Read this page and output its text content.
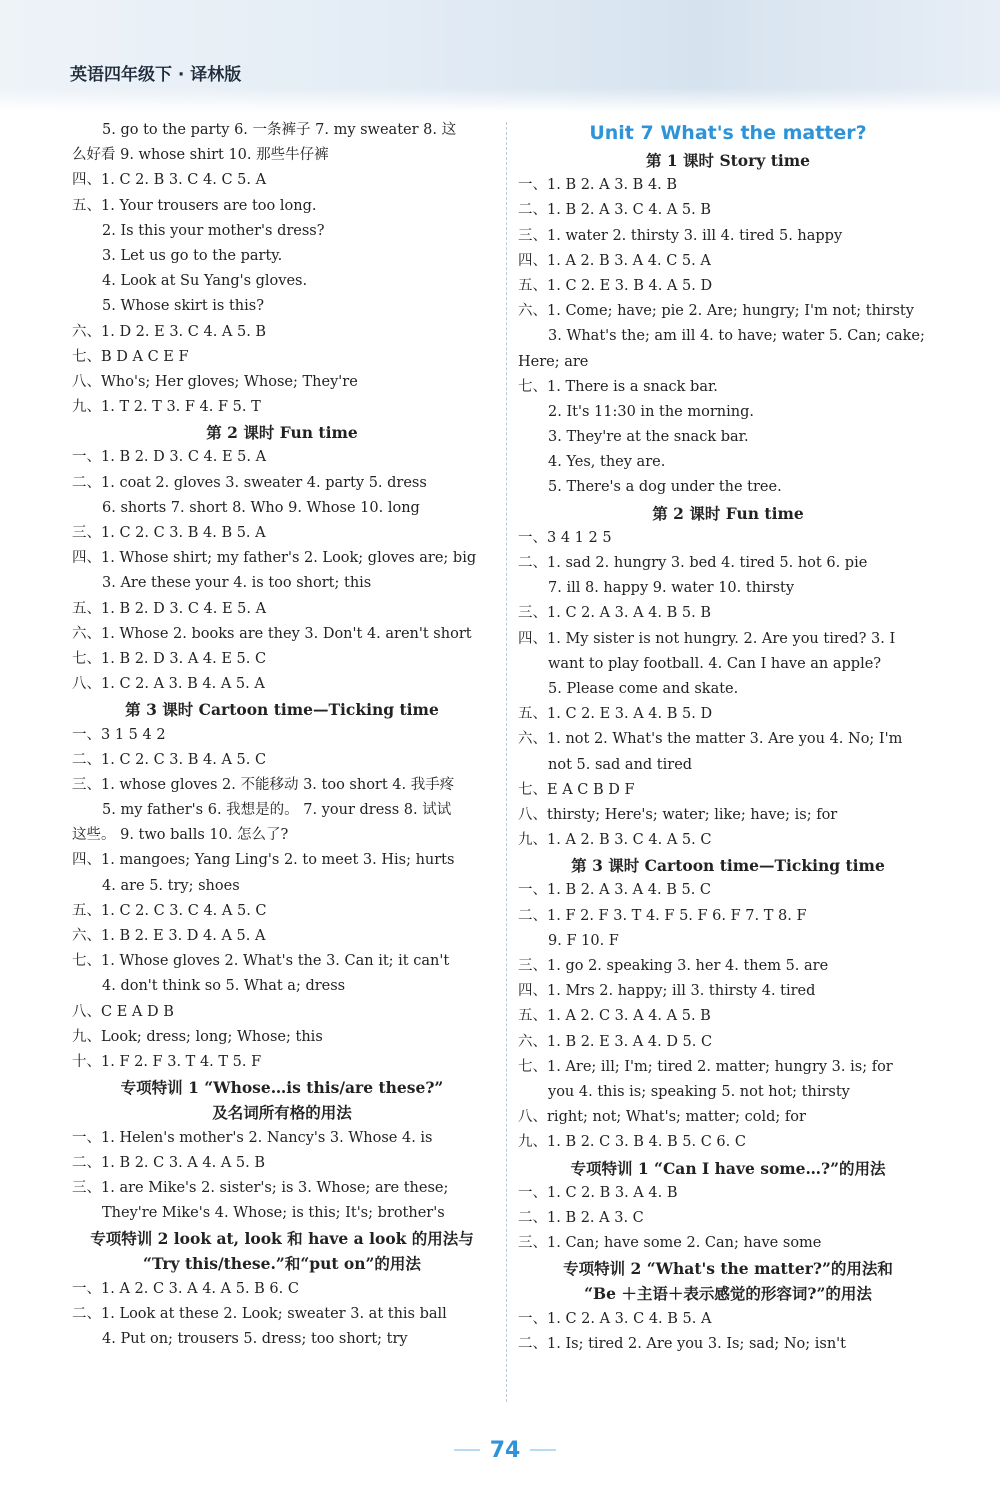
英语四年级下 · 译林版
5. go to the party 6. 一条裤子 7. my sweater 8. 这
么好看 9. whose shirt 10. 那些牛仔裤
四、1. C 2. B 3. C 4. C 5. A
五、1. Your trousers are too long.
2. Is this your mother's dress?
3. Let us go to the party.
4. Look at Su Yang's gloves.
5. Whose skirt is this?
六、1. D 2. E 3. C 4. A 5. B
七、B D A C E F
八、Who's; Her gloves; Whose; They're
九、1. T 2. T 3. F 4. F 5. T
第 2 课时 Fun time
一、1. B 2. D 3. C 4. E 5. A
二、1. coat 2. gloves 3. sweater 4. party 5. dress
6. shorts 7. short 8. Who 9. Whose 10. long
三、1. C 2. C 3. B 4. B 5. A
四、1. Whose shirt; my father's 2. Look; gloves are; big
3. Are these your 4. is too short; this
五、1. B 2. D 3. C 4. E 5. A
六、1. Whose 2. books are they 3. Don't 4. aren't short
七、1. B 2. D 3. A 4. E 5. C
八、1. C 2. A 3. B 4. A 5. A
第 3 课时 Cartoon time—Ticking time
一、3 1 5 4 2
二、1. C 2. C 3. B 4. A 5. C
三、1. whose gloves 2. 不能移动 3. too short 4. 我手疼
5. my father's 6. 我想是的。 7. your dress 8. 试试
这些。 9. two balls 10. 怎么了?
四、1. mangoes; Yang Ling's 2. to meet 3. His; hurts
4. are 5. try; shoes
五、1. C 2. C 3. C 4. A 5. C
六、1. B 2. E 3. D 4. A 5. A
七、1. Whose gloves 2. What's the 3. Can it; it can't
4. don't think so 5. What a; dress
八、C E A D B
九、Look; dress; long; Whose; this
十、1. F 2. F 3. T 4. T 5. F
专项特训 1 “Whose…is this/are these?”
及名词所有格的用法
一、1. Helen's mother's 2. Nancy's 3. Whose 4. is
二、1. B 2. C 3. A 4. A 5. B
三、1. are Mike's 2. sister's; is 3. Whose; are these;
They're Mike's 4. Whose; is this; It's; brother's
专项特训 2 look at, look 和 have a look 的用法与
“Try this/these.”和“put on”的用法
一、1. A 2. C 3. A 4. A 5. B 6. C
二、1. Look at these 2. Look; sweater 3. at this ball
4. Put on; trousers 5. dress; too short; try
Unit 7 What's the matter?
第 1 课时 Story time
一、1. B 2. A 3. B 4. B
二、1. B 2. A 3. C 4. A 5. B
三、1. water 2. thirsty 3. ill 4. tired 5. happy
四、1. A 2. B 3. A 4. C 5. A
五、1. C 2. E 3. B 4. A 5. D
六、1. Come; have; pie 2. Are; hungry; I'm not; thirsty
3. What's the; am ill 4. to have; water 5. Can; cake;
Here; are
七、1. There is a snack bar.
2. It's 11:30 in the morning.
3. They're at the snack bar.
4. Yes, they are.
5. There's a dog under the tree.
第 2 课时 Fun time
一、3 4 1 2 5
二、1. sad 2. hungry 3. bed 4. tired 5. hot 6. pie
7. ill 8. happy 9. water 10. thirsty
三、1. C 2. A 3. A 4. B 5. B
四、1. My sister is not hungry. 2. Are you tired? 3. I
want to play football. 4. Can I have an apple?
5. Please come and skate.
五、1. C 2. E 3. A 4. B 5. D
六、1. not 2. What's the matter 3. Are you 4. No; I'm
not 5. sad and tired
七、E A C B D F
八、thirsty; Here's; water; like; have; is; for
九、1. A 2. B 3. C 4. A 5. C
第 3 课时 Cartoon time—Ticking time
一、1. B 2. A 3. A 4. B 5. C
二、1. F 2. F 3. T 4. F 5. F 6. F 7. T 8. F
9. F 10. F
三、1. go 2. speaking 3. her 4. them 5. are
四、1. Mrs 2. happy; ill 3. thirsty 4. tired
五、1. A 2. C 3. A 4. A 5. B
六、1. B 2. E 3. A 4. D 5. C
七、1. Are; ill; I'm; tired 2. matter; hungry 3. is; for
you 4. this is; speaking 5. not hot; thirsty
八、right; not; What's; matter; cold; for
九、1. B 2. C 3. B 4. B 5. C 6. C
专项特训 1 “Can I have some…?”的用法
一、1. C 2. B 3. A 4. B
二、1. B 2. A 3. C
三、1. Can; have some 2. Can; have some
专项特训 2 “What's the matter?”的用法和
“Be ＋主语＋表示感觉的形容词?”的用法
一、1. C 2. A 3. C 4. B 5. A
二、1. Is; tired 2. Are you 3. Is; sad; No; isn't
74
